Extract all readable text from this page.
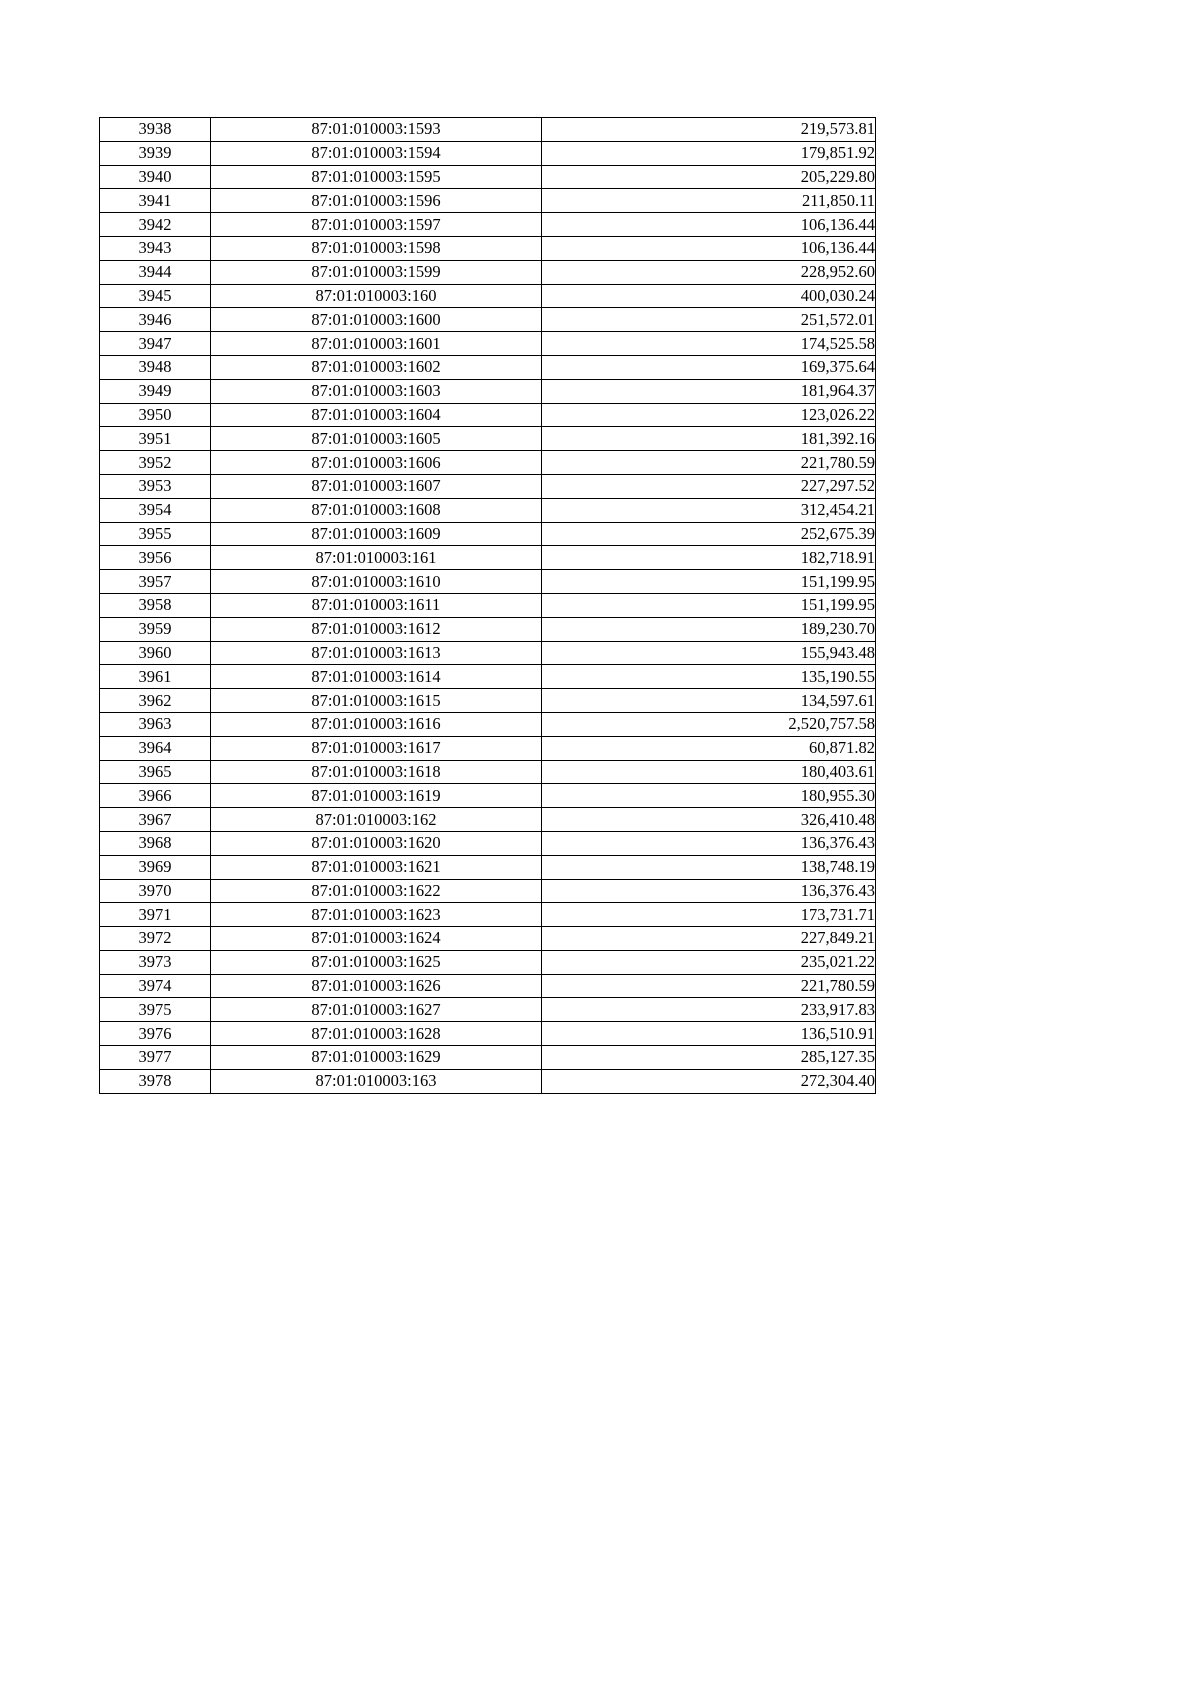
3938	87:01:010003:1593	219,573.81
3939	87:01:010003:1594	179,851.92
3940	87:01:010003:1595	205,229.80
3941	87:01:010003:1596	211,850.11
3942	87:01:010003:1597	106,136.44
3943	87:01:010003:1598	106,136.44
3944	87:01:010003:1599	228,952.60
3945	87:01:010003:160	400,030.24
3946	87:01:010003:1600	251,572.01
3947	87:01:010003:1601	174,525.58
3948	87:01:010003:1602	169,375.64
3949	87:01:010003:1603	181,964.37
3950	87:01:010003:1604	123,026.22
3951	87:01:010003:1605	181,392.16
3952	87:01:010003:1606	221,780.59
3953	87:01:010003:1607	227,297.52
3954	87:01:010003:1608	312,454.21
3955	87:01:010003:1609	252,675.39
3956	87:01:010003:161	182,718.91
3957	87:01:010003:1610	151,199.95
3958	87:01:010003:1611	151,199.95
3959	87:01:010003:1612	189,230.70
3960	87:01:010003:1613	155,943.48
3961	87:01:010003:1614	135,190.55
3962	87:01:010003:1615	134,597.61
3963	87:01:010003:1616	2,520,757.58
3964	87:01:010003:1617	60,871.82
3965	87:01:010003:1618	180,403.61
3966	87:01:010003:1619	180,955.30
3967	87:01:010003:162	326,410.48
3968	87:01:010003:1620	136,376.43
3969	87:01:010003:1621	138,748.19
3970	87:01:010003:1622	136,376.43
3971	87:01:010003:1623	173,731.71
3972	87:01:010003:1624	227,849.21
3973	87:01:010003:1625	235,021.22
3974	87:01:010003:1626	221,780.59
3975	87:01:010003:1627	233,917.83
3976	87:01:010003:1628	136,510.91
3977	87:01:010003:1629	285,127.35
3978	87:01:010003:163	272,304.40
